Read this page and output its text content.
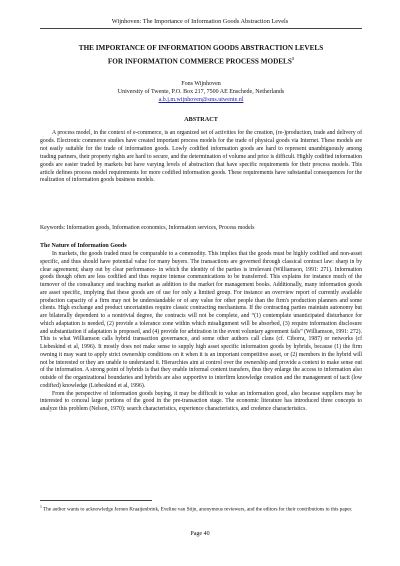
Wijnhoven: The Importance of Information Goods Abstraction Levels
THE IMPORTANCE OF INFORMATION GOODS ABSTRACTION LEVELS
FOR INFORMATION COMMERCE PROCESS MODELS$^1$
Fons Wijnhoven
University of Twente, P.O. Box 217, 7500 AE Enschede, Netherlands
a.b.j.m.wijnhoven@sms.utwente.nl
ABSTRACT
A process model, in the context of e-commerce, is an organized set of activities for the creation, (re-)production, trade and delivery of goods. Electronic commerce studies have created important process models for the trade of physical goods via Internet. These models are not easily suitable for the trade of information goods. Lowly codified information goods are hard to represent unambiguously among trading partners, their property rights are hard to secure, and the determination of volume and price is difficult. Highly codified information goods are easier traded by markets but have varying levels of abstraction that have specific requirements for their process models. This article defines process model requirements for more codified information goods. These requirements have substantial consequences for the realization of information goods business models.
Keywords: Information goods, Information economics, Information services, Process models
The Nature of Information Goods

In markets, the goods traded must be comparable to a commodity. This implies that the goods must be highly codified and non-asset specific, and thus should have potential value for many buyers. The transactions are governed through classical contract law: sharp in by clear agreement; sharp out by clear performance- in which the identity of the parties is irrelevant (Williamson, 1991: 271). Information goods though often are less codified and thus require intense communications to be transferred. This explains for instance much of the turnover of the consultancy and teaching market as addition to the market for management books. Additionally, many information goods are asset specific, implying that these goods are of use for only a limited group. For instance an overview report of currently available production capacity of a firm may not be understandable or of any value for other people than the firm's production planners and some clients. High exchange and product uncertainties require classic contracting mechanisms. If the contracting parties maintain autonomy but are bilaterally dependent to a nontrivial degree, the contracts will not be complete, and “(1) contemplate unanticipated disturbance for which adaptation is needed, (2) provide a tolerance zone within which misalignment will be absorbed, (3) require information disclosure and substantiation if adaptation is proposed, and (4) provide for arbitration in the event voluntary agreement fails” (Williamson, 1991: 272). This is what Williamson calls hybrid transaction governance, and some other authors call clans (cf. Ciborra, 1987) or networks (cf Liebeskind et al, 1996). It mostly does not make sense to supply high asset specific information goods by hybrids, because (1) the firm owning it may want to apply strict ownership conditions on it when it is an important competitive asset, or (2) members in the hybrid will not be interested or they are unable to understand it. Hierarchies aim at control over the ownership and provide a context to make sense out of the information. A strong point of hybrids is that they enable informal content transfers, thus they enlarge the access to information also outside of the organizational boundaries and hybrids are also supportive to interfirm knowledge creation and the management of tacit (low codified) knowledge (Liebeskind et al, 1996).

From the perspective of information goods buying, it may be difficult to value an information good, also because suppliers may be interested to conceal large portions of the good in the pre-transaction stage. The economic literature has introduced three concepts to analyze this problem (Nelson, 1970): search characteristics, experience characteristics, and credence characteristics.

$^1$ The author wants to acknowledge Jeroen Kraaijenbrink, Eveline van Stijn, anonymous reviewers, and the editors for their contributions to this paper.
Page 40
